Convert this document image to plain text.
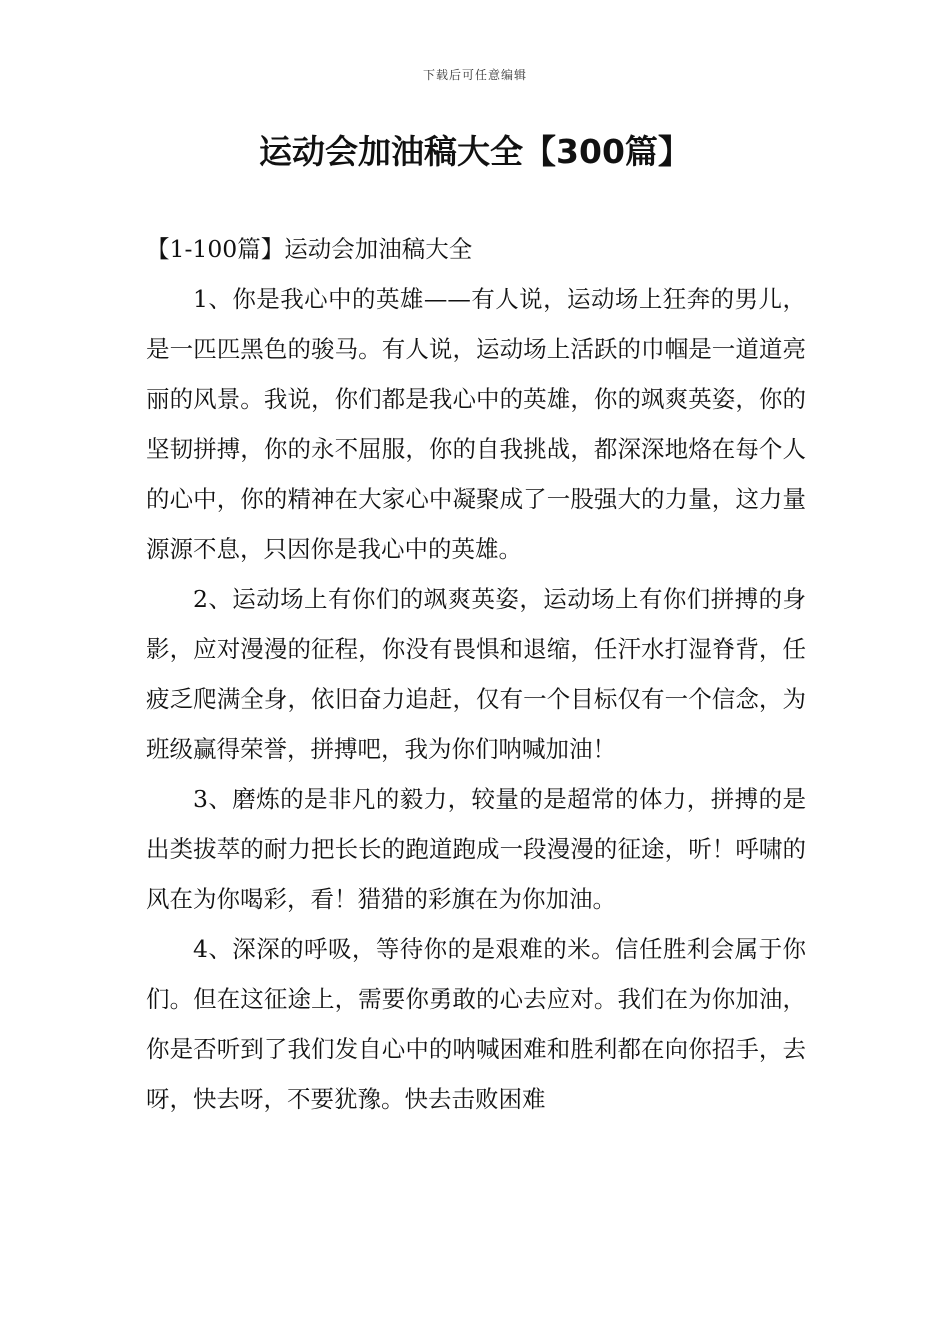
下载后可任意编辑
运动会加油稿大全【300篇】

【1-100篇】运动会加油稿大全

1、你是我心中的英雄——有人说，运动场上狂奔的男儿，是一匹匹黑色的骏马。有人说，运动场上活跃的巾帼是一道道亮丽的风景。我说，你们都是我心中的英雄，你的飒爽英姿，你的坚韧拼搏，你的永不屈服，你的自我挑战，都深深地烙在每个人的心中，你的精神在大家心中凝聚成了一股强大的力量，这力量源源不息，只因你是我心中的英雄。

2、运动场上有你们的飒爽英姿，运动场上有你们拼搏的身影，应对漫漫的征程，你没有畏惧和退缩，任汗水打湿脊背，任疲乏爬满全身，依旧奋力追赶，仅有一个目标仅有一个信念，为班级赢得荣誉，拼搏吧，我为你们呐喊加油！

3、磨炼的是非凡的毅力，较量的是超常的体力，拼搏的是出类拔萃的耐力把长长的跑道跑成一段漫漫的征途，听！呼啸的风在为你喝彩，看！猎猎的彩旗在为你加油。

4、深深的呼吸，等待你的是艰难的米。信任胜利会属于你们。但在这征途上，需要你勇敢的心去应对。我们在为你加油，你是否听到了我们发自心中的呐喊困难和胜利都在向你招手，去呀，快去呀，不要犹豫。快去击败困难
